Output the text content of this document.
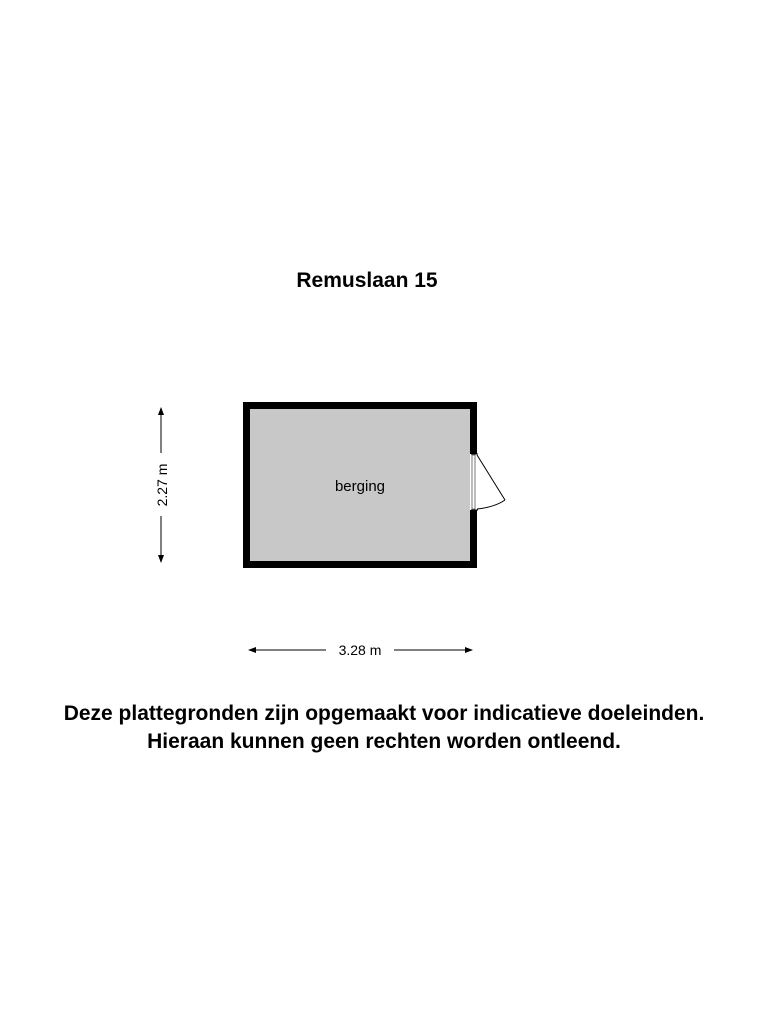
Remuslaan 15
berging
2.27 m
3.28 m
Deze plattegronden zijn opgemaakt voor indicatieve doeleinden.
Hieraan kunnen geen rechten worden ontleend.
